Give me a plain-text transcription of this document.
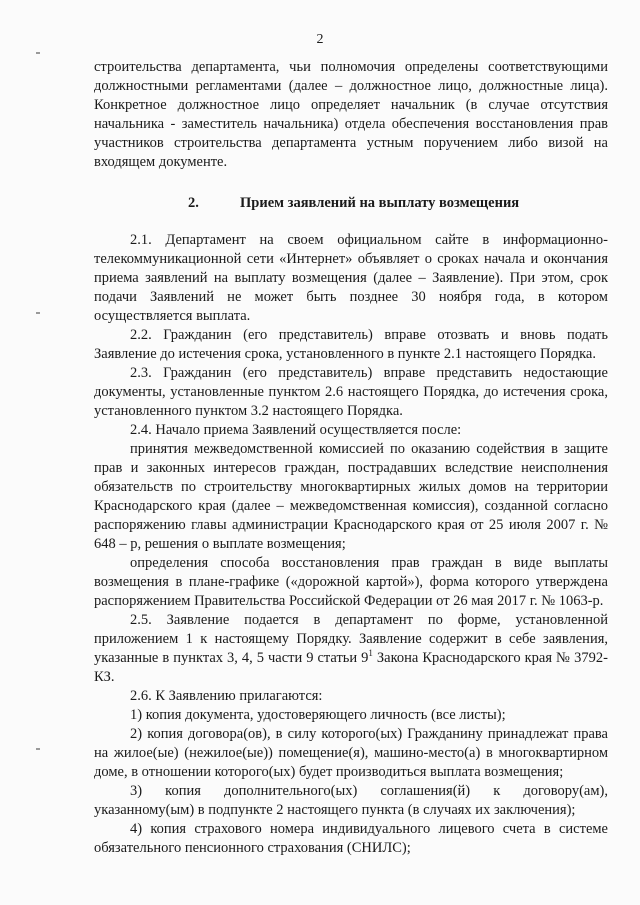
2

строительства департамента, чьи полномочия определены соответствующими должностными регламентами (далее – должностное лицо, должностные лица). Конкретное должностное лицо определяет начальник (в случае отсутствия начальника - заместитель начальника) отдела обеспечения восстановления прав участников строительства департамента устным поручением либо визой на входящем документе.

2.	Прием заявлений на выплату возмещения

2.1. Департамент на своем официальном сайте в информационно-телекоммуникационной сети «Интернет» объявляет о сроках начала и окончания приема заявлений на выплату возмещения (далее – Заявление). При этом, срок подачи Заявлений не может быть позднее 30 ноября года, в котором осуществляется выплата.

2.2. Гражданин (его представитель) вправе отозвать и вновь подать Заявление до истечения срока, установленного в пункте 2.1 настоящего Порядка.

2.3. Гражданин (его представитель) вправе представить недостающие документы, установленные пунктом 2.6 настоящего Порядка, до истечения срока, установленного пунктом 3.2 настоящего Порядка.

2.4. Начало приема Заявлений осуществляется после:

принятия межведомственной комиссией по оказанию содействия в защите прав и законных интересов граждан, пострадавших вследствие неисполнения обязательств по строительству многоквартирных жилых домов на территории Краснодарского края (далее – межведомственная комиссия), созданной согласно распоряжению главы администрации Краснодарского края от 25 июля 2007 г. № 648 – р, решения о выплате возмещения;

определения способа восстановления прав граждан в виде выплаты возмещения в плане-графике («дорожной картой»), форма которого утверждена распоряжением Правительства Российской Федерации от 26 мая 2017 г. № 1063-р.

2.5. Заявление подается в департамент по форме, установленной приложением 1 к настоящему Порядку. Заявление содержит в себе заявления, указанные в пунктах 3, 4, 5 части 9 статьи $9^1$ Закона Краснодарского края № 3792-КЗ.

2.6. К Заявлению прилагаются:

1) копия документа, удостоверяющего личность (все листы);

2) копия договора(ов), в силу которого(ых) Гражданину принадлежат права на жилое(ые) (нежилое(ые)) помещение(я), машино-место(а) в многоквартирном доме, в отношении которого(ых) будет производиться выплата возмещения;

3) копия дополнительного(ых) соглашения(й) к договору(ам), указанному(ым) в подпункте 2 настоящего пункта (в случаях их заключения);

4) копия страхового номера индивидуального лицевого счета в системе обязательного пенсионного страхования (СНИЛС);
